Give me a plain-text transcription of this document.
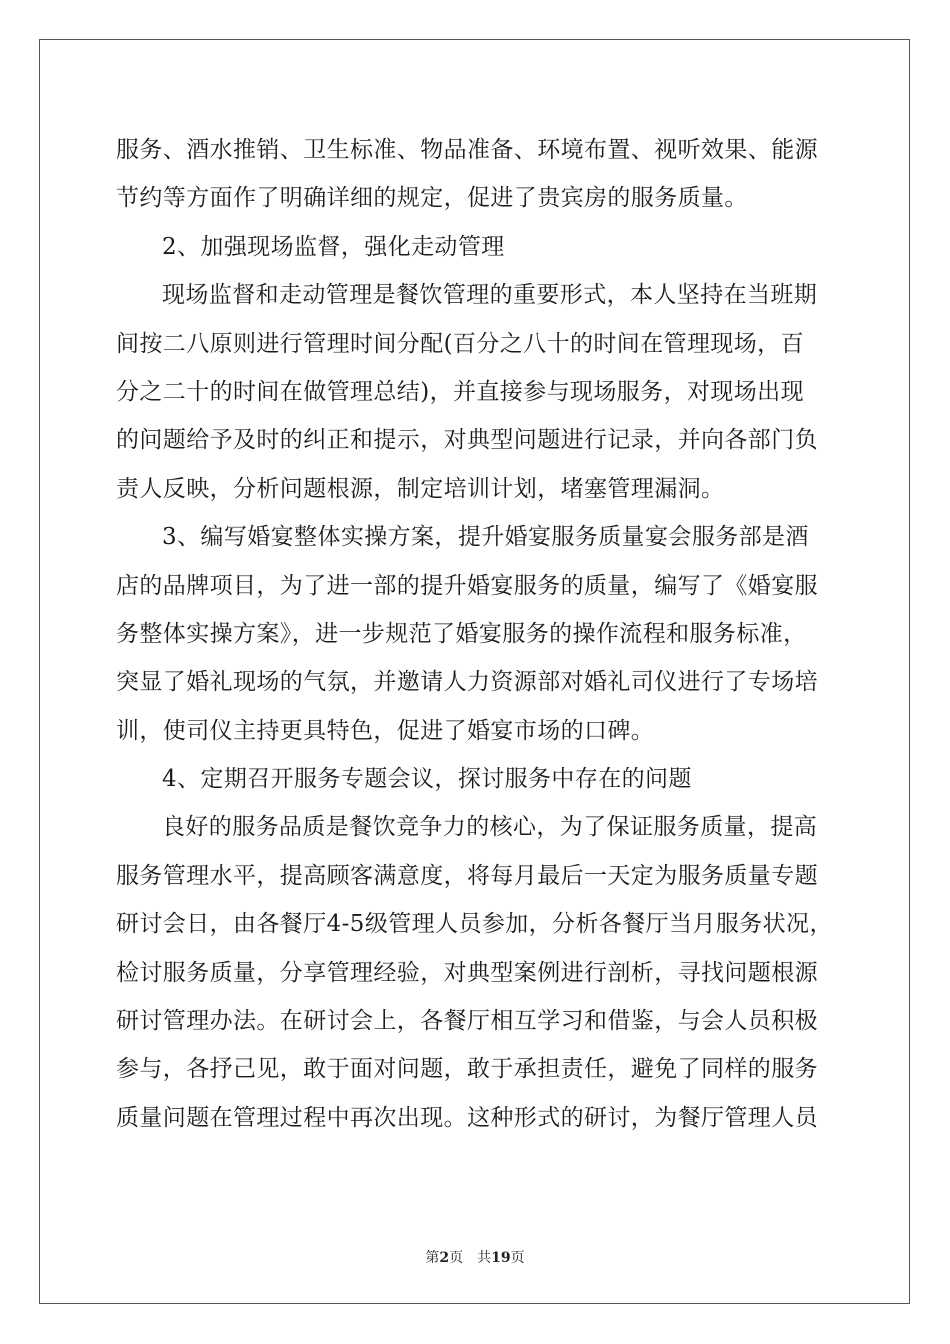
服务、酒水推销、卫生标准、物品准备、环境布置、视听效果、能源
节约等方面作了明确详细的规定，促进了贵宾房的服务质量。
2、加强现场监督，强化走动管理
现场监督和走动管理是餐饮管理的重要形式，本人坚持在当班期
间按二八原则进行管理时间分配(百分之八十的时间在管理现场，百
分之二十的时间在做管理总结)，并直接参与现场服务，对现场出现
的问题给予及时的纠正和提示，对典型问题进行记录，并向各部门负
责人反映，分析问题根源，制定培训计划，堵塞管理漏洞。
3、编写婚宴整体实操方案，提升婚宴服务质量宴会服务部是酒
店的品牌项目，为了进一部的提升婚宴服务的质量，编写了《婚宴服
务整体实操方案》，进一步规范了婚宴服务的操作流程和服务标准，
突显了婚礼现场的气氛，并邀请人力资源部对婚礼司仪进行了专场培
训，使司仪主持更具特色，促进了婚宴市场的口碑。
4、定期召开服务专题会议，探讨服务中存在的问题
良好的服务品质是餐饮竞争力的核心，为了保证服务质量，提高
服务管理水平，提高顾客满意度，将每月最后一天定为服务质量专题
研讨会日，由各餐厅4-5级管理人员参加，分析各餐厅当月服务状况，
检讨服务质量，分享管理经验，对典型案例进行剖析，寻找问题根源
研讨管理办法。在研讨会上，各餐厅相互学习和借鉴，与会人员积极
参与，各抒己见，敢于面对问题，敢于承担责任，避免了同样的服务
质量问题在管理过程中再次出现。这种形式的研讨，为餐厅管理人员
第2页 共19页
